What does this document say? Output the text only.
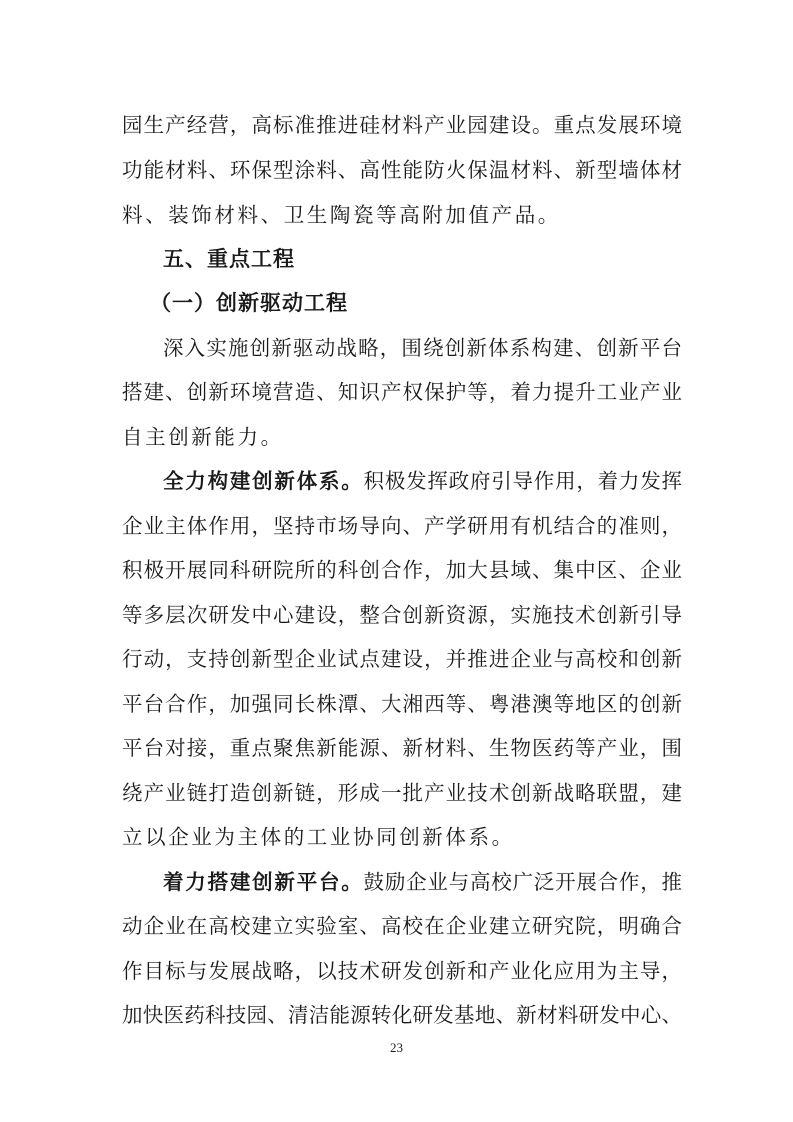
园生产经营，高标准推进硅材料产业园建设。重点发展环境
功能材料、环保型涂料、高性能防火保温材料、新型墙体材
料、装饰材料、卫生陶瓷等高附加值产品。
五、重点工程
（一）创新驱动工程
深入实施创新驱动战略，围绕创新体系构建、创新平台
搭建、创新环境营造、知识产权保护等，着力提升工业产业
自主创新能力。
全力构建创新体系。积极发挥政府引导作用，着力发挥
企业主体作用，坚持市场导向、产学研用有机结合的准则，
积极开展同科研院所的科创合作，加大县域、集中区、企业
等多层次研发中心建设，整合创新资源，实施技术创新引导
行动，支持创新型企业试点建设，并推进企业与高校和创新
平台合作，加强同长株潭、大湘西等、粤港澳等地区的创新
平台对接，重点聚焦新能源、新材料、生物医药等产业，围
绕产业链打造创新链，形成一批产业技术创新战略联盟，建
立以企业为主体的工业协同创新体系。
着力搭建创新平台。鼓励企业与高校广泛开展合作，推
动企业在高校建立实验室、高校在企业建立研究院，明确合
作目标与发展战略，以技术研发创新和产业化应用为主导，
加快医药科技园、清洁能源转化研发基地、新材料研发中心、
23
